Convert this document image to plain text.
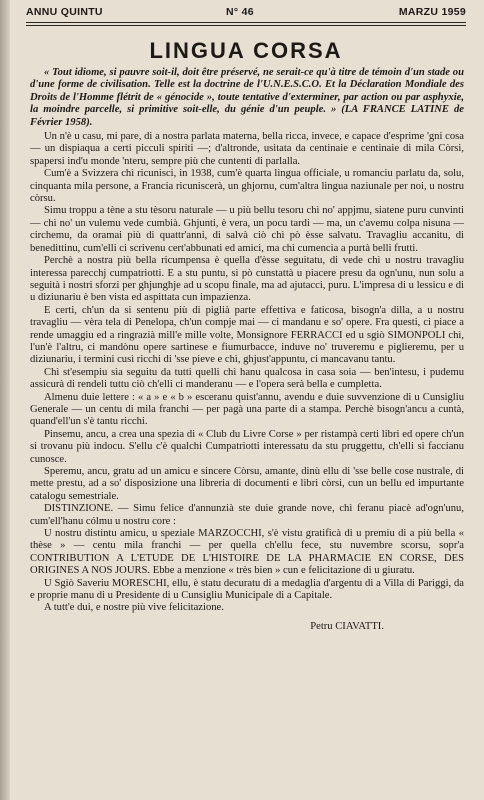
ANNU QUINTU	N° 46	MARZU 1959
LINGUA CORSA

« Tout idiome, si pauvre soit-il, doit être préservé, ne serait-ce qu'à titre de témoin d'un stade ou d'une forme de civilisation. Telle est la doctrine de l'U.N.E.S.C.O. Et la Déclaration Mondiale des Droits de l'Homme flétrit de « génocide », toute tentative d'exterminer, par action ou par asphyxie, la moindre parcelle, si primitive soit-elle, du génie d'un peuple. » (LA FRANCE LATINE de Février 1958).

Un n'è u casu, mi pare, di a nostra parlata materna, bella ricca, invece, e capace d'esprime 'gni cosa — un dispiaqua a certi picculi spiriti —; d'altronde, usitata da centinaie e centinaie di mila Còrsi, spapersi ind'u monde 'nteru, sempre più che cuntenti di parlalla.

Cum'è a Svizzera chì ricunisci, in 1938, cum'è quarta lingua officiale, u romanciu parlatu da, solu, cinquanta mila persone, a Francia ricuniscerà, un ghjornu, cum'altra lingua naziunale per noi, u nostru còrsu.

Simu troppu a tène a stu tèsoru naturale — u più bellu tesoru chì no' appjmu, siatene puru cunvinti — chì no' un vulemu vede cumbià. Ghjunti, è vera, un pocu tardi — ma, un c'avemu colpa nisuna — circhemu, da oramai più di quattr'anni, di salvà ciò chì pò èsse salvatu. Travagliu accanitu, di benedittinu, cum'elli ci scrivenu cert'abbunati ed amici, ma chì cumencia a purtà belli frutti.

Perchè a nostra più bella ricumpensa è quella d'èsse seguitatu, di vede chì u nostru travagliu interessa parecchj cumpatriotti. E a stu puntu, si pò cunstattà u piacere presu da ogn'unu, nun solu a seguità i nostri sforzi per ghjunghje ad u scopu finale, ma ad ajutacci, puru. L'impresa di u lessicu e di u diziunariu è ben vista ed aspittata cun impazienza.

E certi, ch'un da si sentenu più di piglià parte effettiva e faticosa, bisogn'a dilla, a u nostru travagliu — vèra tela di Penelopa, ch'un compje mai — ci mandanu e so' opere. Fra questi, ci piace a rende umaggiu ed a ringrazià mill'e mille volte, Monsignore FERRACCI ed u sgiò SIMONPOLI chì, l'un'è l'altru, ci mandònu opere sartinese e fiumurbacce, induve no' truveremu e piglieremu, per u diziunariu, i termini cusì ricchi di 'sse pieve e chì, ghjust'appuntu, ci mancavanu tantu.

Chì st'esempiu sìa seguitu da tutti quelli chì hanu qualcosa in casa soia — ben'intesu, i pudemu assicurà di rendeli tuttu ciò ch'elli ci manderanu — e l'opera serà bella e cumpletta.

Almenu duie lettere : « a » e « b » esceranu quist'annu, avendu e duie suvvenzione di u Cunsigliu Generale — un centu di mila franchi — per pagà una parte di a stampa. Perchè bisogn'ancu a cuntà, quand'ell'un s'è tantu ricchi.

Pinsemu, ancu, a crea una spezia di « Club du Livre Corse » per ristampà certi libri ed opere ch'un si trovanu più indocu. S'ellu c'è qualchi Cumpatriotti interessatu da stu pruggettu, ch'elli si faccianu cunosce.

Speremu, ancu, gratu ad un amicu e sincere Còrsu, amante, dinù ellu di 'sse belle cose nustrale, di mette prestu, ad a so' disposizione una libreria di documenti e libri còrsi, cun un bellu ed impurtante catalogu semestriale.

DISTINZIONE. — Simu felice d'annunzià ste duie grande nove, chì feranu piacè ad'ogn'unu, cum'ell'hanu cólmu u nostru core :

U nostru distintu amicu, u speziale MARZOCCHI, s'è vistu gratificà di u premiu di a più bella « thèse » — centu mila franchi — per quella ch'ellu fece, stu nuvembre scorsu, sopr'a CONTRIBUTION A L'ETUDE DE L'HISTOIRE DE LA PHARMACIE EN CORSE, DES ORIGINES A NOS JOURS. Ebbe a menzione « très bien » cun e felicitazione di u giuratu.

U Sgiò Saveriu MORESCHI, ellu, è statu decuratu di a medaglia d'argentu di a Villa di Pariggi, da e proprie manu di u Presidente di u Cunsigliu Municipale di a Capitale.

A tutt'e dui, e nostre più vive felicitazione.

Petru CIAVATTI.
